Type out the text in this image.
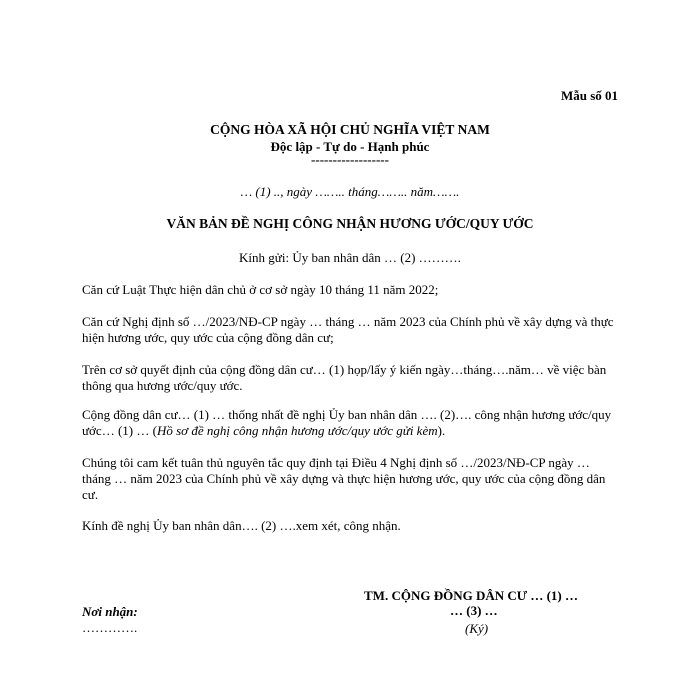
Mẫu số 01
CỘNG HÒA XÃ HỘI CHỦ NGHĨA VIỆT NAM
Độc lập - Tự do - Hạnh phúc
------------------
… (1) .., ngày …….. tháng…….. năm…….
VĂN BẢN ĐỀ NGHỊ CÔNG NHẬN HƯƠNG ƯỚC/QUY ƯỚC
Kính gửi: Ủy ban nhân dân … (2) ……….
Căn cứ Luật Thực hiện dân chủ ở cơ sở ngày 10 tháng 11 năm 2022;
Căn cứ Nghị định số …/2023/NĐ-CP ngày … tháng … năm 2023 của Chính phủ về xây dựng và thực hiện hương ước, quy ước của cộng đồng dân cư;
Trên cơ sở quyết định của cộng đồng dân cư… (1) họp/lấy ý kiến ngày…tháng….năm… về việc bàn thông qua hương ước/quy ước.
Cộng đồng dân cư… (1) … thống nhất đề nghị Ủy ban nhân dân …. (2)…. công nhận hương ước/quy ước… (1) … (Hồ sơ đề nghị công nhận hương ước/quy ước gửi kèm).
Chúng tôi cam kết tuân thủ nguyên tắc quy định tại Điều 4 Nghị định số …/2023/NĐ-CP ngày … tháng … năm 2023 của Chính phủ về xây dựng và thực hiện hương ước, quy ước của cộng đồng dân cư.
Kính đề nghị Ủy ban nhân dân…. (2) ….xem xét, công nhận.
TM. CỘNG ĐỒNG DÂN CƯ … (1) …
… (3) …
(Ký)
Nơi nhận:
………….
